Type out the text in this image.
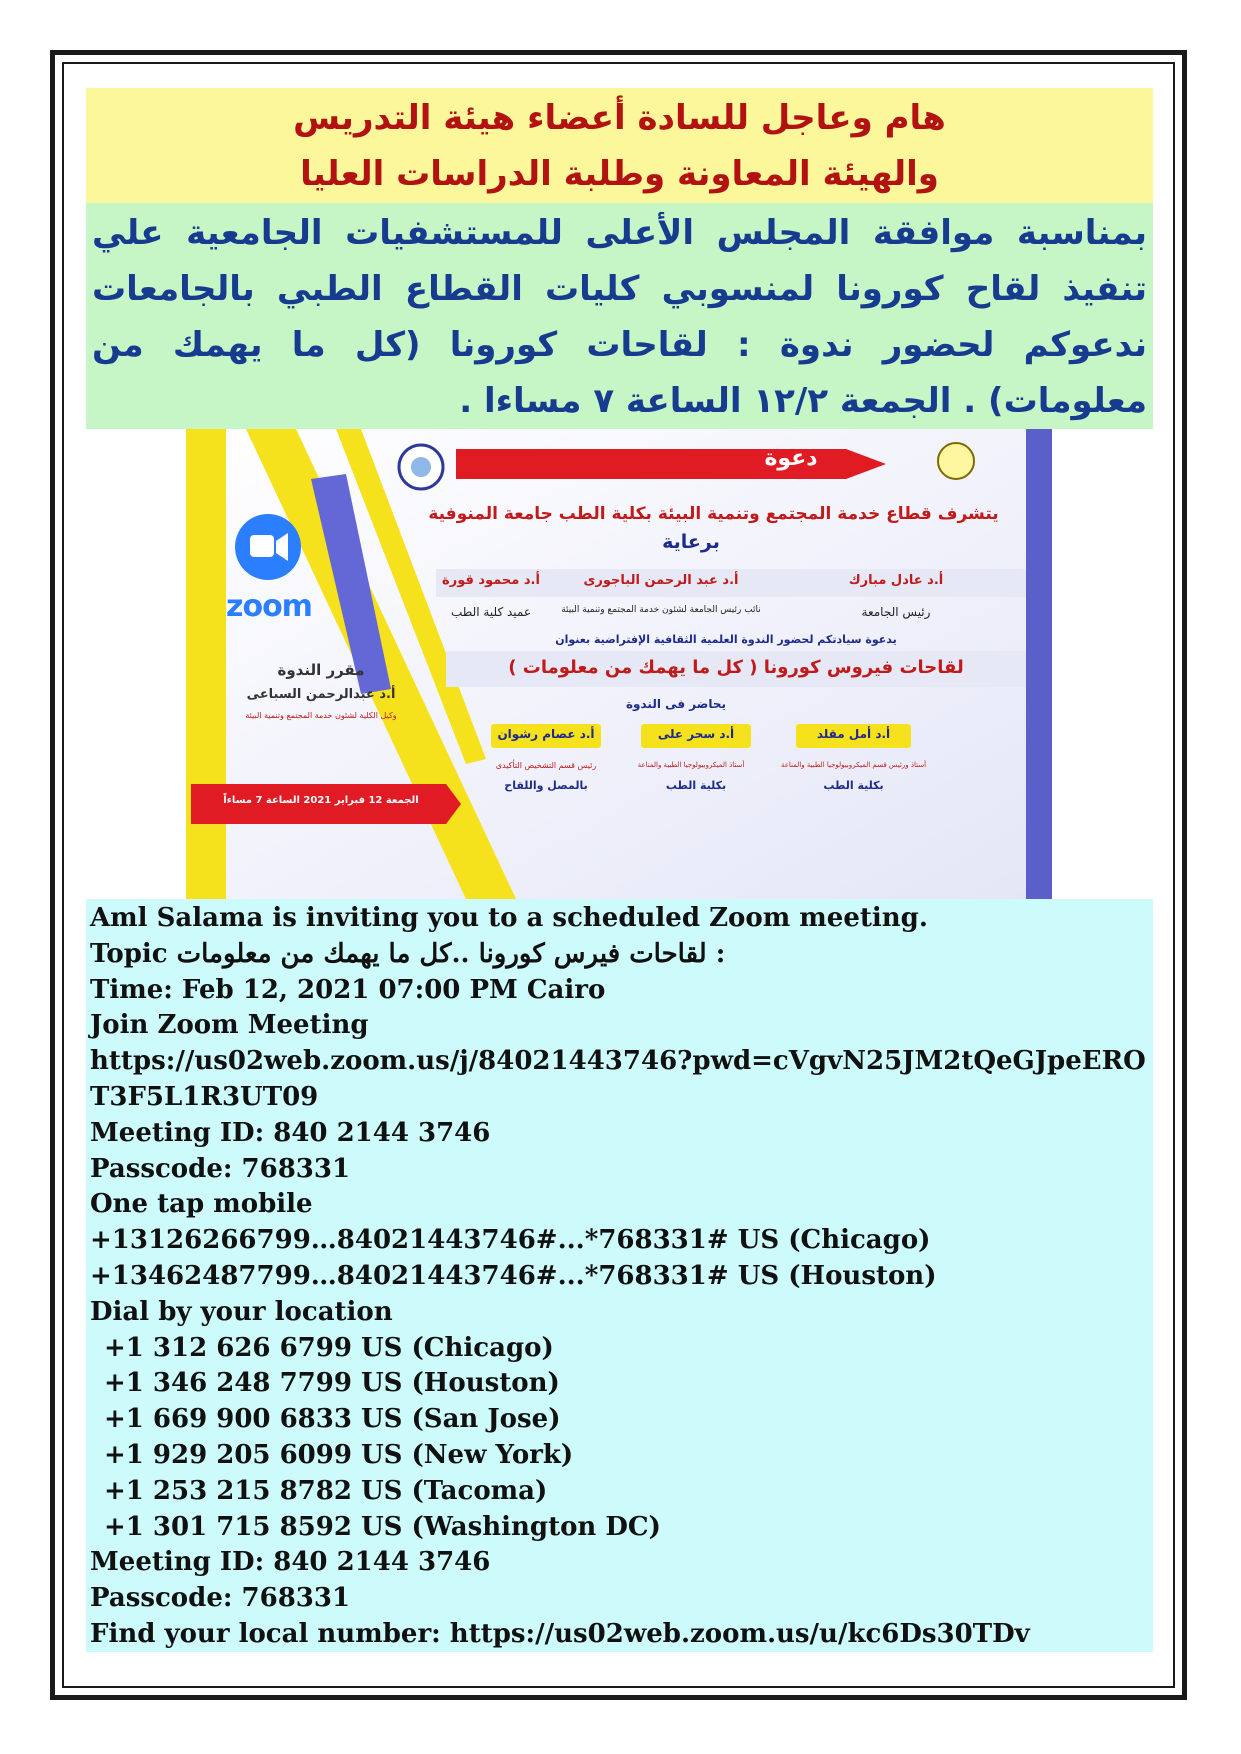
هام وعاجل للسادة أعضاء هيئة التدريس
والهيئة المعاونة وطلبة الدراسات العليا
بمناسبة موافقة المجلس الأعلى للمستشفيات الجامعية علي تنفيذ لقاح كورونا لمنسوبي كليات القطاع الطبي بالجامعات ندعوكم لحضور ندوة : لقاحات كورونا (كل ما يهمك من معلومات) . الجمعة ١٢/٢ الساعة ٧ مساءا .
دعوة
zoom
يتشرف قطاع خدمة المجتمع وتنمية البيئة بكلية الطب جامعة المنوفية
برعاية
أ.د عادل مبارك
أ.د عبد الرحمن الباجورى
أ.د محمود قورة
رئيس الجامعة
نائب رئيس الجامعة لشئون خدمة المجتمع وتنمية البيئة
عميد كلية الطب
يدعوة سيادتكم لحضور الندوة العلمية الثقافية الإفتراضية بعنوان
لقاحات فيروس كورونا ( كل ما يهمك من معلومات )
يحاضر فى الندوة
أ.د أمل مقلد
أ.د سحر على
أ.د عصام رشوان
أستاذ ورئيس قسم الميكروبيولوجيا الطبية والمناعة
أستاذ الميكروبيولوجيا الطبية والمناعة
رئيس قسم التشخيص التأكيدى
بكلية الطب
بكلية الطب
بالمصل واللقاح
مقرر الندوة
أ.د عبدالرحمن السباعى
وكيل الكلية لشئون خدمة المجتمع وتنمية البيئة
الجمعة 12 فبراير 2021 الساعة 7 مساءاً
Aml Salama is inviting you to a scheduled Zoom meeting.
Topic لقاحات فيرس كورونا ..كل ما يهمك من معلومات :
Time: Feb 12, 2021 07:00 PM Cairo
Join Zoom Meeting
https://us02web.zoom.us/j/84021443746?pwd=cVgvN25JM2tQeGJpeEROT3F5L1R3UT09
Meeting ID: 840 2144 3746
Passcode: 768331
One tap mobile
+13126266799…84021443746#...*768331# US (Chicago)
+13462487799…84021443746#...*768331# US (Houston)
Dial by your location
+1 312 626 6799 US (Chicago)
+1 346 248 7799 US (Houston)
+1 669 900 6833 US (San Jose)
+1 929 205 6099 US (New York)
+1 253 215 8782 US (Tacoma)
+1 301 715 8592 US (Washington DC)
Meeting ID: 840 2144 3746
Passcode: 768331
Find your local number: https://us02web.zoom.us/u/kc6Ds30TDv
